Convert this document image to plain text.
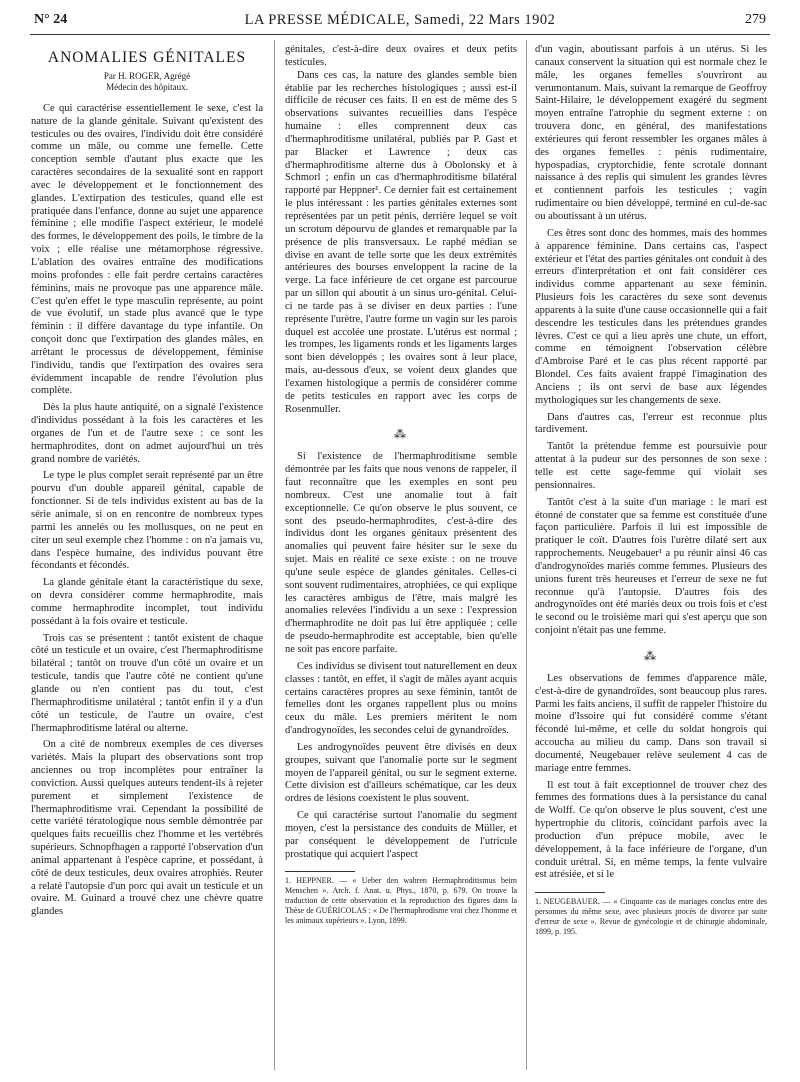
N° 24	LA PRESSE MÉDICALE, Samedi, 22 Mars 1902	279
ANOMALIES GÉNITALES
Par H. ROGER, Agrégé
Médecin des hôpitaux.

Ce qui caractérise essentiellement le sexe, c'est la nature de la glande génitale. Suivant qu'existent des testicules ou des ovaires, l'individu doit être considéré comme un mâle, ou comme une femelle. Cette conception semble d'autant plus exacte que les caractères secondaires de la sexualité sont en rapport avec le développement et le fonctionnement des glandes. L'extirpation des testicules, quand elle est pratiquée dans l'enfance, donne au sujet une apparence féminine ; elle modifie l'aspect extérieur, le modelé des formes, le développement des poils, le timbre de la voix ; elle réalise une métamorphose régressive. L'ablation des ovaires entraîne des modifications moins profondes : elle fait perdre certains caractères féminins, mais ne provoque pas une apparence mâle. C'est qu'en effet le type masculin représente, au point de vue évolutif, un stade plus avancé que le type féminin : il diffère davantage du type infantile. On conçoit donc que l'extirpation des glandes mâles, en arrêtant le processus de développement, féminise l'individu, tandis que l'extirpation des ovaires sera évidemment incapable de rendre l'évolution plus complète.

Dès la plus haute antiquité, on a signalé l'existence d'individus possédant à la fois les caractères et les organes de l'un et de l'autre sexe : ce sont les hermaphrodites, dont on admet aujourd'hui un très grand nombre de variétés.

Le type le plus complet serait représenté par un être pourvu d'un double appareil génital, capable de fonctionner. Si de tels individus existent au bas de la série animale, si on en rencontre de nombreux types parmi les annelés ou les mollusques, on ne peut en citer un seul exemple chez l'homme : on n'a jamais vu, dans l'espèce humaine, des individus pouvant être fécondants et fécondés.

La glande génitale étant la caractéristique du sexe, on devra considérer comme hermaphrodite, mais comme hermaphrodite incomplet, tout individu possédant à la fois ovaire et testicule.

Trois cas se présentent : tantôt existent de chaque côté un testicule et un ovaire, c'est l'hermaphroditisme bilatéral ; tantôt on trouve d'un côté un ovaire et un testicule, tandis que l'autre côté ne contient qu'une glande ou n'en contient pas du tout, c'est l'hermaphroditisme unilatéral ; tantôt enfin il y a d'un côté un testicule, de l'autre un ovaire, c'est l'hermaphroditisme latéral ou alterne.

On a cité de nombreux exemples de ces diverses variétés. Mais la plupart des observations sont trop anciennes ou trop incomplètes pour entraîner la conviction. Aussi quelques auteurs tendent-ils à rejeter purement et simplement l'existence de l'hermaphroditisme vrai. Cependant la possibilité de cette variété tératologique nous semble démontrée par quelques faits recueillis chez l'homme et les vertébrés supérieurs. Schnopfhagen a rapporté l'observation d'un animal appartenant à l'espèce caprine, et possédant, à côté de deux testicules, deux ovaires atrophiés. Reuter a relaté l'autopsie d'un porc qui avait un testicule et un ovaire. M. Guinard a trouvé chez une chèvre quatre glandes

génitales, c'est-à-dire deux ovaires et deux petits testicules.

Dans ces cas, la nature des glandes semble bien établie par les recherches histologiques ; aussi est-il difficile de récuser ces faits. Il en est de même des 5 observations suivantes recueillies dans l'espèce humaine : elles comprennent deux cas d'hermaphroditisme unilatéral, publiés par P. Gast et par Blacker et Lawrence ; deux cas d'hermaphroditisme alterne dus à Obolonsky et à Schmorl ; enfin un cas d'hermaphroditisme bilatéral rapporté par Heppner¹. Ce dernier fait est certainement le plus intéressant : les parties génitales externes sont représentées par un petit pénis, derrière lequel se voit un scrotum dépourvu de glandes et remarquable par la présence de plis transversaux. Le raphé médian se divise en avant de telle sorte que les deux extrémités antérieures des bourses enveloppent la racine de la verge. La face inférieure de cet organe est parcourue par un sillon qui aboutit à un sinus uro-génital. Celui-ci ne tarde pas à se diviser en deux parties : l'une représente l'urètre, l'autre forme un vagin sur les parois duquel est accolée une prostate. L'utérus est normal ; les trompes, les ligaments ronds et les ligaments larges sont bien développés ; les ovaires sont à leur place, mais, au-dessous d'eux, se voient deux glandes que l'examen histologique a permis de considérer comme de petits testicules en rapport avec les corps de Rosenmuller.

⁂

Si l'existence de l'hermaphroditisme semble démontrée par les faits que nous venons de rappeler, il faut reconnaître que les exemples en sont peu nombreux. C'est une anomalie tout à fait exceptionnelle. Ce qu'on observe le plus souvent, ce sont des pseudo-hermaphrodites, c'est-à-dire des individus dont les organes génitaux présentent des anomalies qui peuvent faire hésiter sur le sexe du sujet. Mais en réalité ce sexe existe : on ne trouve qu'une seule espèce de glandes génitales. Celles-ci sont souvent rudimentaires, atrophiées, ce qui explique les caractères ambigus de l'être, mais malgré les anomalies relevées l'individu a un sexe : l'expression d'hermaphrodite ne doit pas lui être appliquée ; celle de pseudo-hermaphrodite est acceptable, bien qu'elle ne soit pas encore parfaite.

Ces individus se divisent tout naturellement en deux classes : tantôt, en effet, il s'agit de mâles ayant acquis certains caractères propres au sexe féminin, tantôt de femelles dont les organes rappellent plus ou moins ceux du mâle. Les premiers méritent le nom d'androgynoïdes, les secondes celui de gynandroïdes.

Les androgynoïdes peuvent être divisés en deux groupes, suivant que l'anomalie porte sur le segment moyen de l'appareil génital, ou sur le segment externe. Cette division est d'ailleurs schématique, car les deux ordres de lésions coexistent le plus souvent.

Ce qui caractérise surtout l'anomalie du segment moyen, c'est la persistance des conduits de Müller, et par conséquent le développement de l'utricule prostatique qui acquiert l'aspect

1. HEPPNER. — « Ueber den wahren Hermaphroditismus beim Menschen ». Arch. f. Anat. u. Phys., 1870, p. 679. On trouve la traduction de cette observation et la reproduction des figures dans la Thèse de GUÉRICOLAS : « De l'hermaphrodisme vrai chez l'homme et les animaux supérieurs ». Lyon, 1899.

d'un vagin, aboutissant parfois à un utérus. Si les canaux conservent la situation qui est normale chez le mâle, les organes femelles s'ouvriront au verumontanum. Mais, suivant la remarque de Geoffroy Saint-Hilaire, le développement exagéré du segment moyen entraîne l'atrophie du segment externe : on trouvera donc, en général, des manifestations extérieures qui feront ressembler les organes mâles à des organes femelles : pénis rudimentaire, hypospadias, cryptorchidie, fente scrotale donnant naissance à des replis qui simulent les grandes lèvres et contiennent parfois les testicules ; vagin rudimentaire ou bien développé, terminé en cul-de-sac ou aboutissant à un utérus.

Ces êtres sont donc des hommes, mais des hommes à apparence féminine. Dans certains cas, l'aspect extérieur et l'état des parties génitales ont conduit à des erreurs d'interprétation et ont fait considérer ces individus comme appartenant au sexe féminin. Plusieurs fois les caractères du sexe sont devenus apparents à la suite d'une cause occasionnelle qui a fait descendre les testicules dans les prétendues grandes lèvres. C'est ce qui a lieu après une chute, un effort, comme en témoignent l'observation célèbre d'Ambroise Paré et le cas plus récent rapporté par Blondel. Ces faits avaient frappé l'imagination des Anciens ; ils ont servi de base aux légendes mythologiques sur les changements de sexe.

Dans d'autres cas, l'erreur est reconnue plus tardivement.

Tantôt la prétendue femme est poursuivie pour attentat à la pudeur sur des personnes de son sexe : telle est cette sage-femme qui violait ses pensionnaires.

Tantôt c'est à la suite d'un mariage : le mari est étonné de constater que sa femme est constituée d'une façon particulière. Parfois il lui est impossible de pratiquer le coït. D'autres fois l'urètre dilaté sert aux rapprochements. Neugebauer¹ a pu réunir ainsi 46 cas d'androgynoïdes mariés comme femmes. Plusieurs des unions furent très heureuses et l'erreur de sexe ne fut reconnue qu'à l'autopsie. D'autres fois des androgynoïdes ont été mariés deux ou trois fois et c'est le second ou le troisième mari qui s'est aperçu que son conjoint n'était pas une femme.

⁂

Les observations de femmes d'apparence mâle, c'est-à-dire de gynandroïdes, sont beaucoup plus rares. Parmi les faits anciens, il suffit de rappeler l'histoire du moine d'Issoire qui fut considéré comme s'étant fécondé lui-même, et celle du soldat hongrois qui accoucha au milieu du camp. Dans son travail si documenté, Neugebauer relève seulement 4 cas de mariage entre femmes.

Il est tout à fait exceptionnel de trouver chez des femmes des formations dues à la persistance du canal de Wolff. Ce qu'on observe le plus souvent, c'est une hypertrophie du clitoris, coïncidant parfois avec la production d'un prépuce mobile, avec le développement, à la face inférieure de l'organe, d'un conduit urétral. Si, en même temps, la fente vulvaire est atrésiée, et si le

1. NEUGEBAUER. — « Cinquante cas de mariages conclus entre des personnes du même sexe, avec plusieurs procès de divorce par suite d'erreur de sexe ». Revue de gynécologie et de chirurgie abdominale, 1899, p. 195.
